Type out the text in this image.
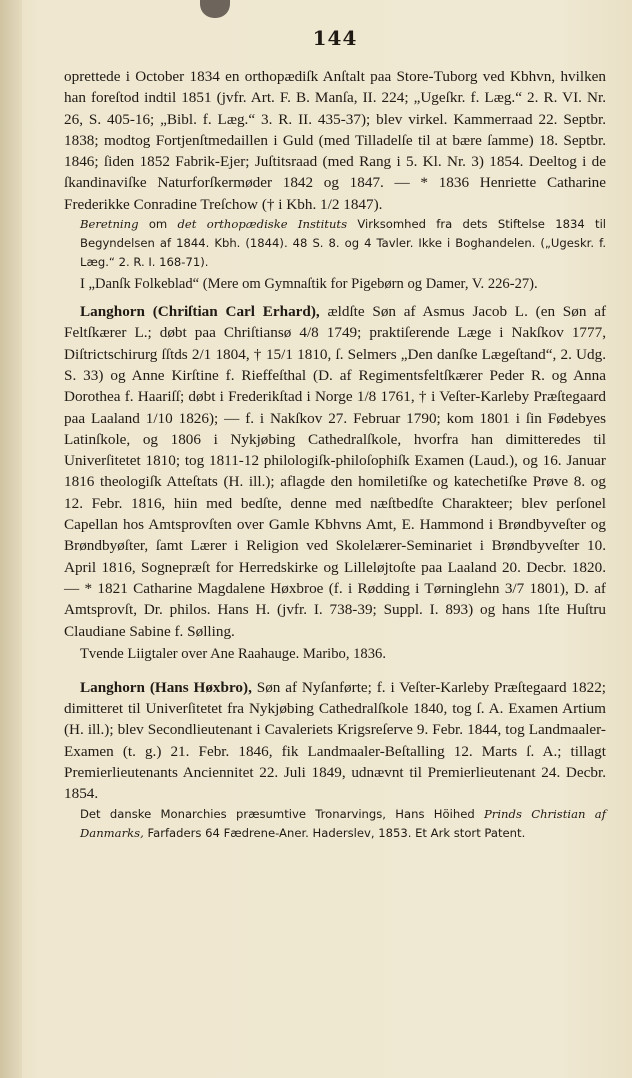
144

oprettede i October 1834 en orthopædiſk Anſtalt paa Store-Tuborg ved Kbhvn, hvilken han foreſtod indtil 1851 (jvfr. Art. F. B. Manſa, II. 224; „Ugeſkr. f. Læg.“ 2. R. VI. Nr. 26, S. 405-16; „Bibl. f. Læg.“ 3. R. II. 435-37); blev virkel. Kammerraad 22. Septbr. 1838; modtog Fortjenſtmedaillen i Guld (med Tilladelſe til at bære ſamme) 18. Septbr. 1846; ſiden 1852 Fabrik-Ejer; Juſtitsraad (med Rang i 5. Kl. Nr. 3) 1854. Deeltog i de ſkandinaviſke Naturforſkermøder 1842 og 1847. — * 1836 Henriette Catharine Frederikke Conradine Treſchow († i Kbh. 1/2 1847).

Beretning om det orthopædiske Instituts Virksomhed fra dets Stiftelse 1834 til Begyndelsen af 1844. Kbh. (1844). 48 S. 8. og 4 Tavler. Ikke i Boghandelen. („Ugeskr. f. Læg.“ 2. R. I. 168-71).

I „Danſk Folkeblad“ (Mere om Gymnaſtik for Pigebørn og Damer, V. 226-27).

Langhorn (Chriſtian Carl Erhard), ældſte Søn af Asmus Jacob L. (en Søn af Feltſkærer L.; døbt paa Chriſtiansø 4/8 1749; praktiſerende Læge i Nakſkov 1777, Diſtrictschirurg ſſtds 2/1 1804, † 15/1 1810, ſ. Selmers „Den danſke Lægeſtand“, 2. Udg. S. 33) og Anne Kirſtine f. Rieffeſthal (D. af Regimentsfeltſkærer Peder R. og Anna Dorothea f. Haariſſ; døbt i Frederikſtad i Norge 1/8 1761, † i Veſter-Karleby Præſtegaard paa Laaland 1/10 1826); — f. i Nakſkov 27. Februar 1790; kom 1801 i ſin Fødebyes Latinſkole, og 1806 i Nykjøbing Cathedralſkole, hvorfra han dimitteredes til Univerſitetet 1810; tog 1811-12 philologiſk-philoſophiſk Examen (Laud.), og 16. Januar 1816 theologiſk Atteſtats (H. ill.); aflagde den homiletiſke og katechetiſke Prøve 8. og 12. Febr. 1816, hiin med bedſte, denne med næſtbedſte Charakteer; blev perſonel Capellan hos Amtsprovſten over Gamle Kbhvns Amt, E. Hammond i Brøndbyveſter og Brøndbyøſter, ſamt Lærer i Religion ved Skolelærer-Seminariet i Brøndbyveſter 10. April 1816, Sognepræſt for Herredskirke og Lilleløjtoſte paa Laaland 20. Decbr. 1820. — * 1821 Catharine Magdalene Høxbroe (f. i Rødding i Tørninglehn 3/7 1801), D. af Amtsprovſt, Dr. philos. Hans H. (jvfr. I. 738-39; Suppl. I. 893) og hans 1ſte Huſtru Claudiane Sabine f. Sølling.

Tvende Liigtaler over Ane Raahauge. Maribo, 1836.

Langhorn (Hans Høxbro), Søn af Nyſanførte; f. i Veſter-Karleby Præſtegaard 1822; dimitteret til Univerſitetet fra Nykjøbing Cathedralſkole 1840, tog ſ. A. Examen Artium (H. ill.); blev Secondlieutenant i Cavaleriets Krigsreſerve 9. Febr. 1844, tog Landmaaler-Examen (t. g.) 21. Febr. 1846, fik Landmaaler-Beſtalling 12. Marts ſ. A.; tillagt Premierlieutenants Anciennitet 22. Juli 1849, udnævnt til Premierlieutenant 24. Decbr. 1854.

Det danske Monarchies præsumtive Tronarvings, Hans Höihed Prinds Christian af Danmarks, Farfaders 64 Fædrene-Aner. Haderslev, 1853. Et Ark stort Patent.
